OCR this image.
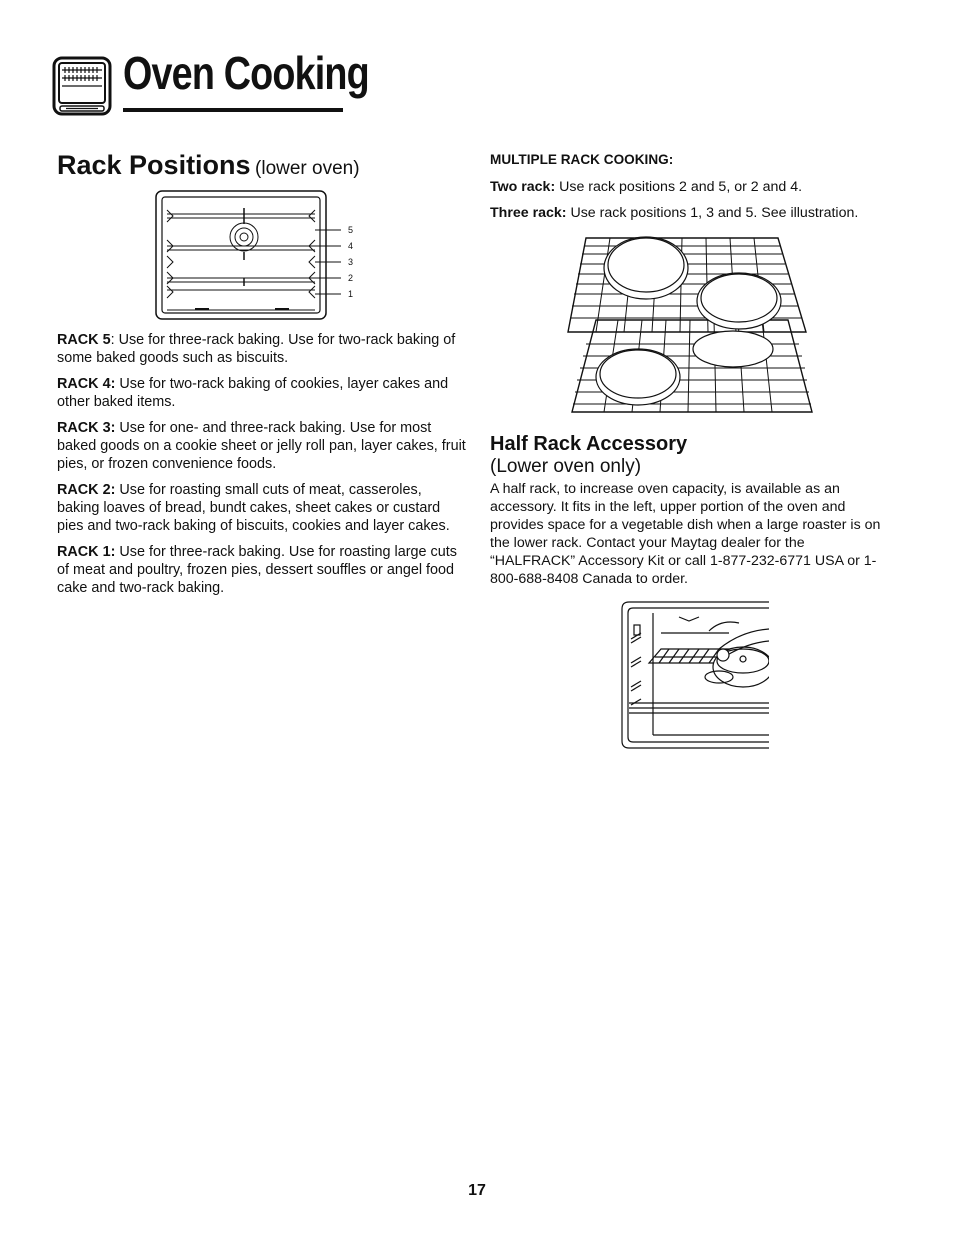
Oven Cooking
Rack Positions (lower oven)
5
4
3
2
1

RACK 5: Use for three-rack baking. Use for two-rack baking of some baked goods such as biscuits.

RACK 4: Use for two-rack baking of cookies, layer cakes and other baked items.

RACK 3: Use for one- and three-rack baking. Use for most baked goods on a cookie sheet or jelly roll pan, layer cakes, fruit pies, or frozen convenience foods.

RACK 2: Use for roasting small cuts of meat, casseroles, baking loaves of bread, bundt cakes, sheet cakes or custard pies and two-rack baking of biscuits, cookies and layer cakes.

RACK 1: Use for three-rack baking. Use for roasting large cuts of meat and poultry, frozen pies, dessert souffles or angel food cake and two-rack baking.

MULTIPLE RACK COOKING:

Two rack: Use rack positions 2 and 5, or 2 and 4.

Three rack: Use rack positions 1, 3 and 5. See illustration.

Half Rack Accessory
(Lower oven only)

A half rack, to increase oven capacity, is available as an accessory. It fits in the left, upper portion of the oven and provides space for a vegetable dish when a large roaster is on the lower rack. Contact your Maytag dealer for the “HALFRACK” Accessory Kit or call 1-877-232-6771 USA or 1-800-688-8408 Canada to order.

17
